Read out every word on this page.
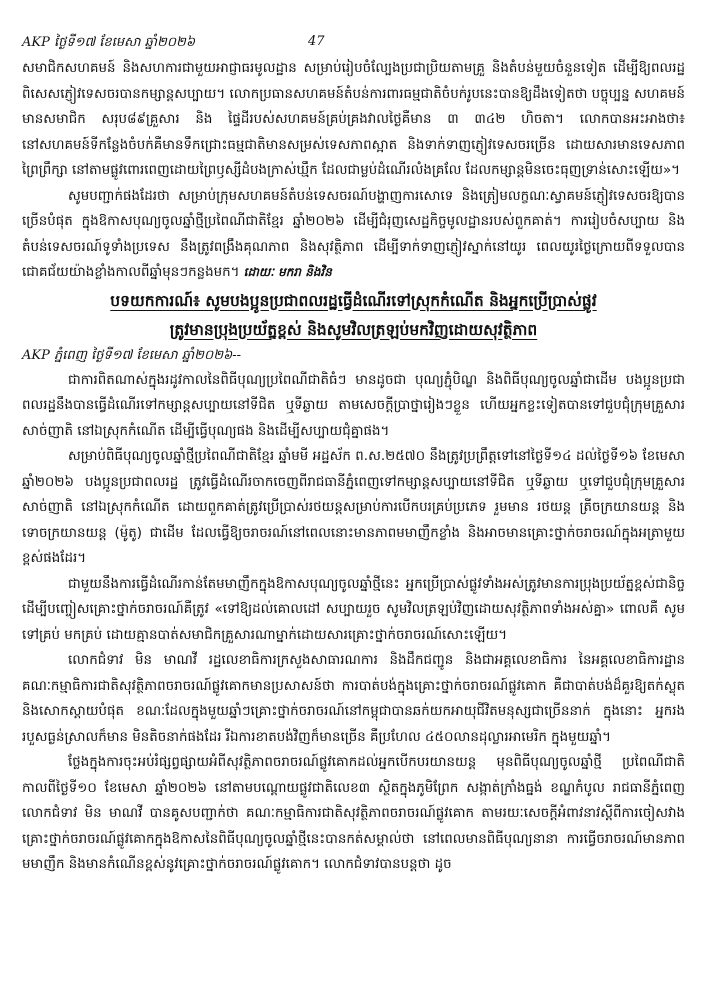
AKP ថ្ងៃទី១៧ ខែមេសា ឆ្នាំ២០២៦	47

សមាជិកសហគមន៍ និងសហការជាមួយអាជ្ញាធរមូលដ្ឋាន សម្រាប់រៀបចំល្បែងប្រជាប្រិយតាមគ្រួ និងតំបន់មួយចំនួនទៀត ដើម្បីឱ្យពលរដ្ឋ ពិសេសភ្ញៀវទេសចរបានកម្សាន្តសប្បាយ។ លោកប្រធានសហគមន៍តំបន់ការពារធម្មជាតិចំបក់រូបនេះបានឱ្យដឹងទៀតថា បច្ចុប្បន្ន សហគមន៍មានសមាជិក សរុប៨៩គ្រួសារ និង ផ្ទៃដីរបស់សហគមន៍គ្រប់គ្រងវាលថ្ងៃគឺមាន ៣ ៣៤២ ហិចតា។ លោកបានអះអាងថា៖ នៅសហគមន៍ទីកន្លែងចំបក់គឺមានទឹកជ្រោះធម្មជាតិមានសម្រស់ទេសភាពស្អាត និងទាក់ទាញភ្ញៀវទេសចរច្រើន ដោយសារមានទេសភាពព្រៃព្រឹក្សា នៅតាមផ្លូវពោរពេញដោយព្រៃឫស្សីដំបងក្រាស់ឃ្មឹក ដែលជាម្លប់ដំណើរលំងគ្រលែ ដែលកម្សាន្តមិនចេះធុញទ្រាន់សោះឡើយ»។

សូមបញ្ជាក់ផងដែរថា សម្រាប់ក្រុមសហគមន៍តំបន់ទេសចរណ៍បង្ហាញការសោទេ និងត្រៀមលក្ខណៈស្វាគមន៍ភ្ញៀវទេសចរឱ្យបានច្រើនបំផុត ក្នុងឱកាសបុណ្យចូលឆ្នាំថ្មីប្រពៃណីជាតិខ្មែរ ឆ្នាំ២០២៦ ដើម្បីជំរុញសេដ្ឋកិច្ចមូលដ្ឋានរបស់ពួកគាត់។ ការរៀបចំសប្បាយ និងតំបន់ទេសចរណ៍ទូទាំងប្រទេស នឹងត្រូវពង្រឹងគុណភាព និងសុវត្ថិភាព ដើម្បីទាក់ទាញភ្ញៀវស្នាក់នៅយូរ ពេលយូរថ្ងៃក្រោយពីទទួលបានជោគជ័យយ៉ាងខ្លាំងកាលពីឆ្នាំមុនៗកន្លងមក។ ដោយៈ មករា និងវិន

បទយកការណ៍៖ សូមបងប្អូនប្រជាពលរដ្ឋធ្វើដំណើរទៅស្រុកកំណើត និងអ្នកប្រើប្រាស់ផ្លូវ

ត្រូវមានប្រុងប្រយ័ត្នខ្ពស់ និងសូមវិលត្រឡប់មកវិញដោយសុវត្ថិភាព

AKP ភ្នំពេញ ថ្ងៃទី១៧ ខែមេសា ឆ្នាំ២០២៦--

ជាការពិតណាស់ក្នុងរដូវកាលនៃពិធីបុណ្យប្រពៃណីជាតិធំៗ មានដូចជា បុណ្យភ្ជុំបិណ្ឌ និងពិធីបុណ្យចូលឆ្នាំជាដើម បងប្អូនប្រជាពលរដ្ឋនឹងបានធ្វើដំណើរទៅកម្សាន្តសប្បាយនៅទីជិត ឬទីឆ្ងាយ តាមសេចក្តីប្រាថ្នារៀងៗខ្លួន ហើយអ្នកខ្លះទៀតបានទៅជួបជុំក្រុមគ្រួសារ សាច់ញាតិ នៅឯស្រុកកំណើត ដើម្បីធ្វើបុណ្យផង និងដើម្បីសប្បាយជុំគ្នាផង។

សម្រាប់ពិធីបុណ្យចូលឆ្នាំថ្មីប្រពៃណីជាតិខ្មែរ ឆ្នាំមមី អដ្ឋស័ក ព.ស.២៥៧០ នឹងត្រូវប្រព្រឹត្តទៅនៅថ្ងៃទី១៤ ដល់ថ្ងៃទី១៦ ខែមេសា ឆ្នាំ២០២៦ បងប្អូនប្រជាពលរដ្ឋ ត្រូវធ្វើដំណើរចាកចេញពីរាជធានីភ្នំពេញទៅកម្សាន្តសប្បាយនៅទីជិត ឬទីឆ្ងាយ ឬទៅជួបជុំក្រុមគ្រួសារ សាច់ញាតិ នៅឯស្រុកកំណើត ដោយពួកគាត់ត្រូវប្រើប្រាស់រថយន្តសម្រាប់ការបើកបរគ្រប់ប្រភេទ រួមមាន រថយន្ត ត្រីចក្រយានយន្ត និងទោចក្រយានយន្ត (ម៉ូតូ) ជាដើម ដែលធ្វើឱ្យចរាចរណ៍នៅពេលនោះមានភាពមមាញឹកខ្លាំង និងអាចមានគ្រោះថ្នាក់ចរាចរណ៍ក្នុងអត្រាមួយខ្ពស់ផងដែរ។

ជាមួយនឹងការធ្វើដំណើរកាន់តែមមាញឹកក្នុងឱកាសបុណ្យចូលឆ្នាំថ្មីនេះ អ្នកប្រើប្រាស់ផ្លូវទាំងអស់ត្រូវមានការប្រុងប្រយ័ត្នខ្ពស់ជានិច្ច ដើម្បីបញ្ចៀសគ្រោះថ្នាក់ចរាចរណ៍គឺត្រូវ «ទៅឱ្យដល់គោលដៅ សប្បាយរួច សូមវិលត្រឡប់វិញដោយសុវត្ថិភាពទាំងអស់គ្នា» ពោលគឺ សូមទៅគ្រប់ មកគ្រប់ ដោយគ្មានបាត់សមាជិកគ្រួសារណាម្នាក់ដោយសារគ្រោះថ្នាក់ចរាចរណ៍សោះឡើយ។

លោកជំទាវ មិន មាណវី រដ្ឋលេខាធិការក្រសួងសាធារណការ និងដឹកជញ្ជូន និងជាអគ្គលេខាធិការ នៃអគ្គលេខាធិការដ្ឋានគណៈកម្មាធិការជាតិសុវត្ថិភាពចរាចរណ៍ផ្លូវគោកមានប្រសាសន៍ថា ការបាត់បង់ក្នុងគ្រោះថ្នាក់ចរាចរណ៍ផ្លូវគោក គឺជាបាត់បង់ដ៏គួរឱ្យតក់ស្លុត និងសោកស្តាយបំផុត ខណៈដែលក្នុងមួយឆ្នាំៗគ្រោះថ្នាក់ចរាចរណ៍នៅកម្ពុជាបានឆក់យកអាយុជីវិតមនុស្សជាច្រើននាក់ ក្នុងនោះ អ្នករងរបួសធ្ងន់ស្រាលក៏មាន មិនតិចនាក់ផងដែរ រីឯការខាតបង់វិញក៏មានច្រើន គឺប្រហែល ៤៥០លានដុល្លារអាមេរិក ក្នុងមួយឆ្នាំ។

ថ្លែងក្នុងការចុះអប់រំផ្សព្វផ្សាយអំពីសុវត្ថិភាពចរាចរណ៍ផ្លូវគោកដល់អ្នកបើកបរយានយន្ត មុនពិធីបុណ្យចូលឆ្នាំថ្មី ប្រពៃណីជាតិ កាលពីថ្ងៃទី១០ ខែមេសា ឆ្នាំ២០២៦ នៅតាមបណ្តោយផ្លូវជាតិលេខ៣ ស្ថិតក្នុងភូមិព្រែក សង្កាត់ក្រាំងធ្នង់ ខណ្ឌកំបូល រាជធានីភ្នំពេញ លោកជំទាវ មិន មាណវី បានគូសបញ្ជាក់ថា គណៈកម្មាធិការជាតិសុវត្ថិភាពចរាចរណ៍ផ្លូវគោក តាមរយៈសេចក្តីអំពាវនាវស្តីពីការចៀសវាងគ្រោះថ្នាក់ចរាចរណ៍ផ្លូវគោកក្នុងឱកាសនៃពិធីបុណ្យចូលឆ្នាំថ្មីនេះបានកត់សម្គាល់ថា នៅពេលមានពិធីបុណ្យនានា ការធ្វើចរាចរណ៍មានភាពមមាញឹក និងមានកំណើនខ្ពស់នូវគ្រោះថ្នាក់ចរាចរណ៍ផ្លូវគោក។ លោកជំទាវបានបន្តថា ដូច
